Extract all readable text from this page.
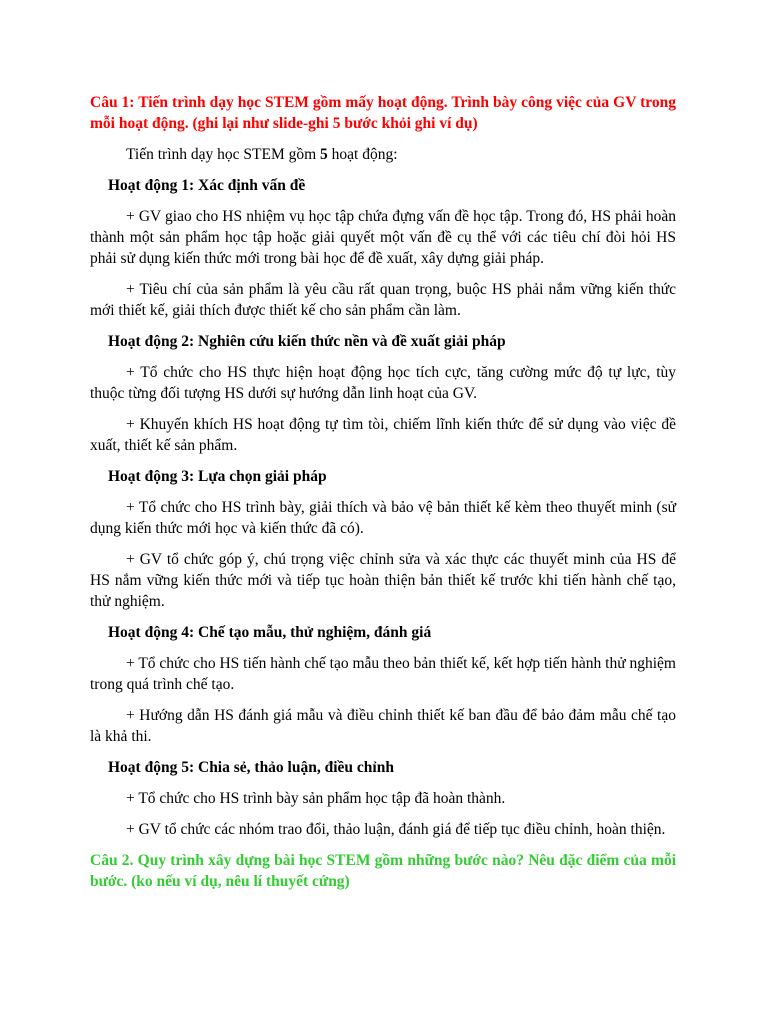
Câu 1: Tiến trình dạy học STEM gồm mấy hoạt động. Trình bày công việc của GV trong mỗi hoạt động. (ghi lại như slide-ghi 5 bước khỏi ghi ví dụ)

Tiến trình dạy học STEM gồm 5 hoạt động:

Hoạt động 1: Xác định vấn đề

+ GV giao cho HS nhiệm vụ học tập chứa đựng vấn đề học tập. Trong đó, HS phải hoàn thành một sản phẩm học tập hoặc giải quyết một vấn đề cụ thể với các tiêu chí đòi hỏi HS phải sử dụng kiến thức mới trong bài học để đề xuất, xây dựng giải pháp.

+ Tiêu chí của sản phẩm là yêu cầu rất quan trọng, buộc HS phải nắm vững kiến thức mới thiết kế, giải thích được thiết kế cho sản phẩm cần làm.

Hoạt động 2: Nghiên cứu kiến thức nền và đề xuất giải pháp

+ Tổ chức cho HS thực hiện hoạt động học tích cực, tăng cường mức độ tự lực, tùy thuộc từng đối tượng HS dưới sự hướng dẫn linh hoạt của GV.

+ Khuyến khích HS hoạt động tự tìm tòi, chiếm lĩnh kiến thức để sử dụng vào việc đề xuất, thiết kế sản phẩm.

Hoạt động 3: Lựa chọn giải pháp

+ Tổ chức cho HS trình bày, giải thích và bảo vệ bản thiết kế kèm theo thuyết minh (sử dụng kiến thức mới học và kiến thức đã có).

+ GV tổ chức góp ý, chú trọng việc chỉnh sửa và xác thực các thuyết minh của HS để HS nắm vững kiến thức mới và tiếp tục hoàn thiện bản thiết kế trước khi tiến hành chế tạo, thử nghiệm.

Hoạt động 4: Chế tạo mẫu, thử nghiệm, đánh giá

+ Tổ chức cho HS tiến hành chế tạo mẫu theo bản thiết kế, kết hợp tiến hành thử nghiệm trong quá trình chế tạo.

+ Hướng dẫn HS đánh giá mẫu và điều chỉnh thiết kế ban đầu để bảo đảm mẫu chế tạo là khả thi.

Hoạt động 5: Chia sẻ, thảo luận, điều chỉnh

+ Tổ chức cho HS trình bày sản phẩm học tập đã hoàn thành.

+ GV tổ chức các nhóm trao đổi, thảo luận, đánh giá để tiếp tục điều chỉnh, hoàn thiện.

Câu 2. Quy trình xây dựng bài học STEM gồm những bước nào? Nêu đặc điểm của mỗi bước. (ko nếu ví dụ, nêu lí thuyết cứng)
